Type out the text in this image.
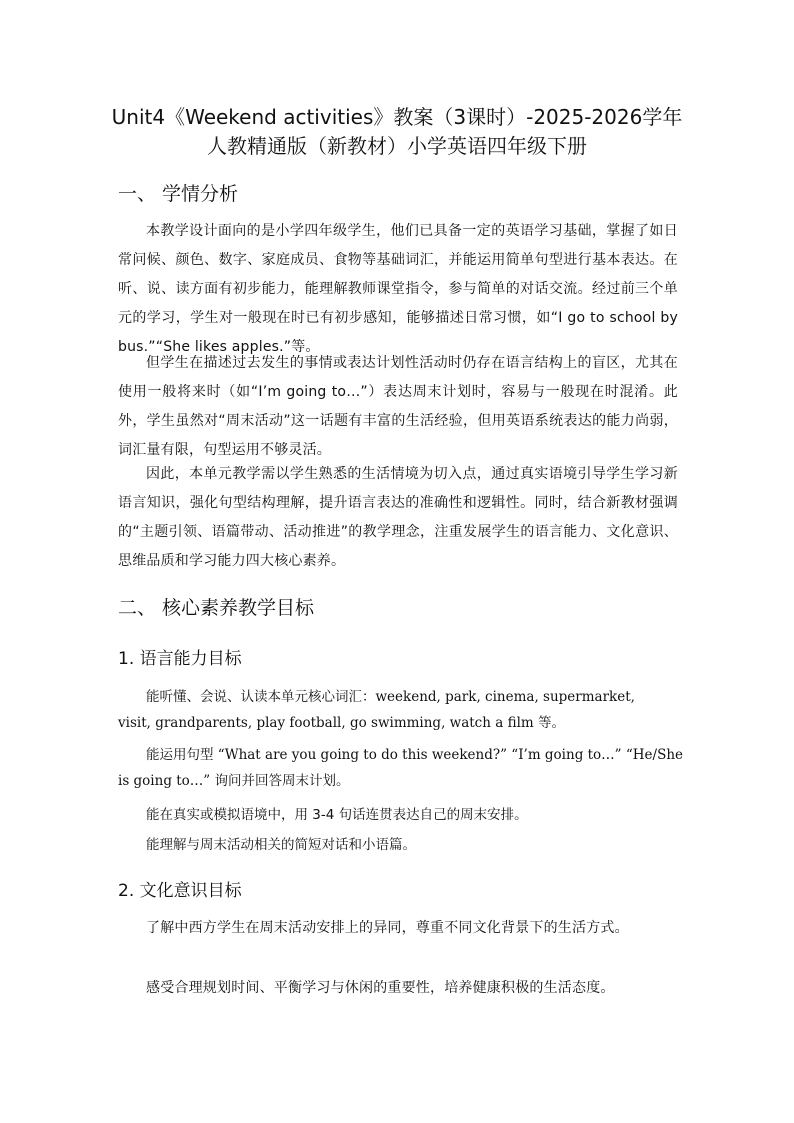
Unit4《Weekend activities》教案（3课时）-2025-2026学年
人教精通版（新教材）小学英语四年级下册
一、 学情分析

本教学设计面向的是小学四年级学生，他们已具备一定的英语学习基础，掌握了如日常问候、颜色、数字、家庭成员、食物等基础词汇，并能运用简单句型进行基本表达。在听、说、读方面有初步能力，能理解教师课堂指令，参与简单的对话交流。经过前三个单元的学习，学生对一般现在时已有初步感知，能够描述日常习惯，如“I go to school by bus.”“She likes apples.”等。

但学生在描述过去发生的事情或表达计划性活动时仍存在语言结构上的盲区，尤其在使用一般将来时（如“I’m going to…”）表达周末计划时，容易与一般现在时混淆。此外，学生虽然对“周末活动”这一话题有丰富的生活经验，但用英语系统表达的能力尚弱，词汇量有限，句型运用不够灵活。

因此，本单元教学需以学生熟悉的生活情境为切入点，通过真实语境引导学生学习新语言知识，强化句型结构理解，提升语言表达的准确性和逻辑性。同时，结合新教材强调的“主题引领、语篇带动、活动推进”的教学理念，注重发展学生的语言能力、文化意识、思维品质和学习能力四大核心素养。

二、 核心素养教学目标
1. 语言能力目标
能听懂、会说、认读本单元核心词汇：weekend, park, cinema, supermarket,
visit, grandparents, play football, go swimming, watch a film 等。
能运用句型 “What are you going to do this weekend?” “I’m going to…” “He/She
is going to…” 询问并回答周末计划。
能在真实或模拟语境中，用 3-4 句话连贯表达自己的周末安排。
能理解与周末活动相关的简短对话和小语篇。
2. 文化意识目标

了解中西方学生在周末活动安排上的异同，尊重不同文化背景下的生活方式。

感受合理规划时间、平衡学习与休闲的重要性，培养健康积极的生活态度。
